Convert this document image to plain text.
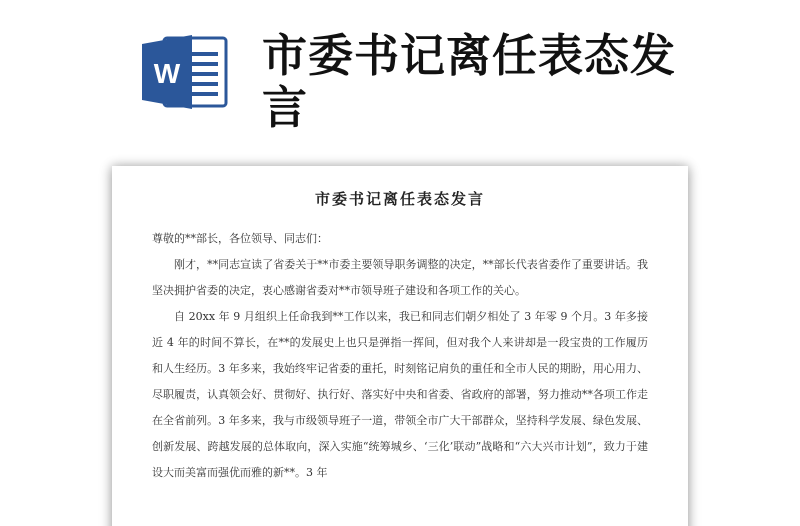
W 市委书记离任表态发
言
市委书记离任表态发言

尊敬的**部长，各位领导、同志们：

刚才，**同志宣读了省委关于**市委主要领导职务调整的决定，**部长代表省委作了重要讲话。我坚决拥护省委的决定，衷心感谢省委对**市领导班子建设和各项工作的关心。

自 20xx 年 9 月组织上任命我到**工作以来，我已和同志们朝夕相处了 3 年零 9 个月。3 年多接近 4 年的时间不算长，在**的发展史上也只是弹指一挥间，但对我个人来讲却是一段宝贵的工作履历和人生经历。3 年多来，我始终牢记省委的重托，时刻铭记肩负的重任和全市人民的期盼，用心用力、尽职履责，认真领会好、贯彻好、执行好、落实好中央和省委、省政府的部署，努力推动**各项工作走在全省前列。3 年多来，我与市级领导班子一道，带领全市广大干部群众，坚持科学发展、绿色发展、创新发展、跨越发展的总体取向，深入实施“统筹城乡、‘三化’联动”战略和“六大兴市计划”，致力于建设大而美富而强优而雅的新**。3 年
